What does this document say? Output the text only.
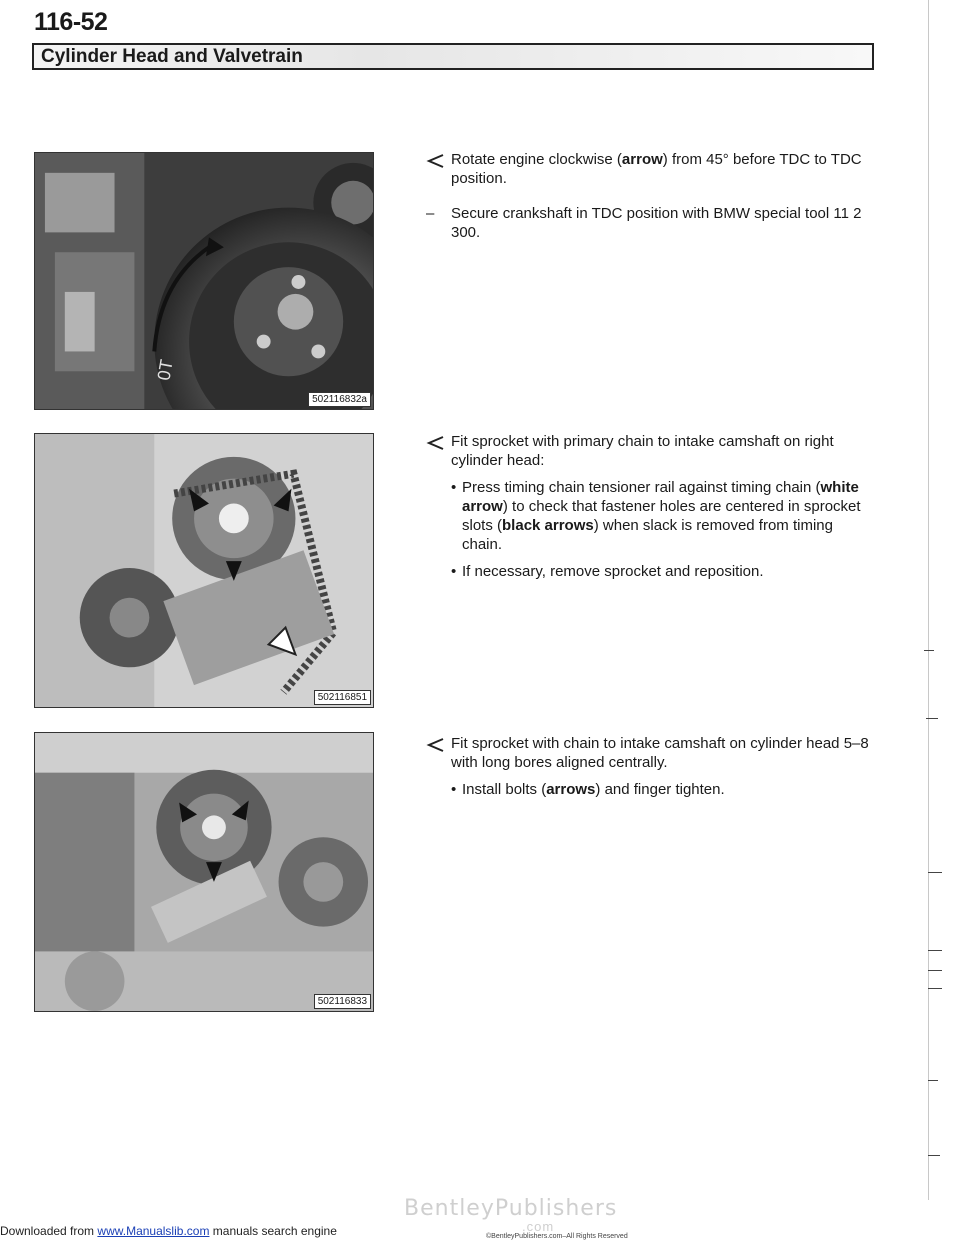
116-52
Cylinder Head and Valvetrain
0T
502116832a
502116851
502116833

Rotate engine clockwise (arrow) from 45° before TDC to TDC position.

– Secure crankshaft in TDC position with BMW special tool 11 2 300.

Fit sprocket with primary chain to intake camshaft on right cylinder head:

• Press timing chain tensioner rail against timing chain (white arrow) to check that fastener holes are centered in sprocket slots (black arrows) when slack is removed from timing chain.
• If necessary, remove sprocket and reposition.

Fit sprocket with chain to intake camshaft on cylinder head 5–8 with long bores aligned centrally.

• Install bolts (arrows) and finger tighten.
BentleyPublishers
.com
©BentleyPublishers.com–All Rights Reserved
Downloaded from www.Manualslib.com manuals search engine
